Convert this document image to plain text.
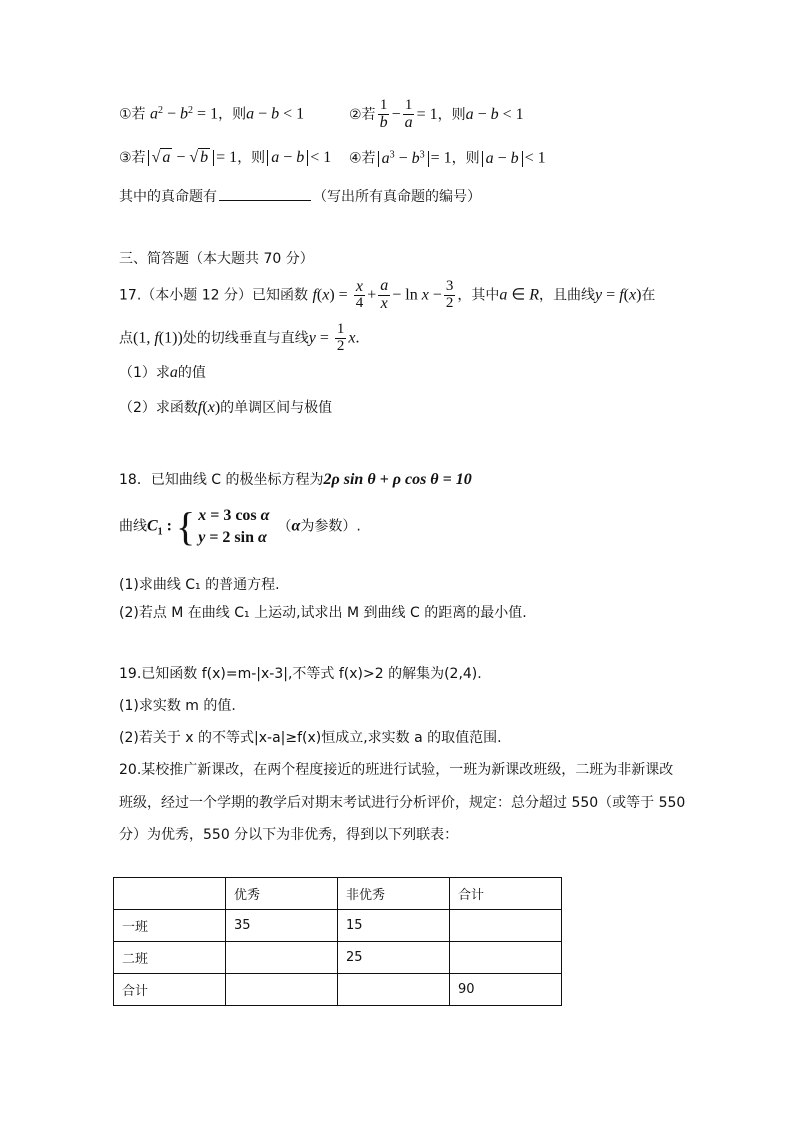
①若 $a^2 - b^2 = 1$，则a − b < 1	②若 $\frac{1}{b} - \frac{1}{a} = 1$，则a − b < 1
③若 √ a − √ b = 1，则 a − b < 1 ④若 $a^3 - b^3 = 1$，则 a − b < 1
其中的真命题有	（写出所有真命题的编号）
三、简答题（本大题共 70 分）
17.（本小题 12 分）已知函数 $f(x) = \frac{x}{4} + \frac{a}{x} - \ln x - \frac{3}{2}$ ，其中a ∈ R，且曲线y = f(x)在
点(1, f(1))处的切线垂直与直线$y = \frac{1}{2} x$.
（1）求a的值
（2）求函数f(x)的单调区间与极值
18．已知曲线 C 的极坐标方程为2ρ sin θ + ρ cos θ = 10
曲线$C_1$ : { x = 3 cos α
y = 2 sin α
（α为参数）.
(1)求曲线 C₁ 的普通方程.
(2)若点 M 在曲线 C₁ 上运动,试求出 M 到曲线 C 的距离的最小值.
19.已知函数 f(x)=m-|x-3|,不等式 f(x)>2 的解集为(2,4).
(1)求实数 m 的值.
(2)若关于 x 的不等式|x-a|≥f(x)恒成立,求实数 a 的取值范围.
20.某校推广新课改，在两个程度接近的班进行试验，一班为新课改班级，二班为非新课改
班级，经过一个学期的教学后对期末考试进行分析评价，规定：总分超过 550（或等于 550
分）为优秀，550 分以下为非优秀，得到以下列联表：
	优秀	非优秀	合计
一班	35	15	
二班		25	
合计			90
